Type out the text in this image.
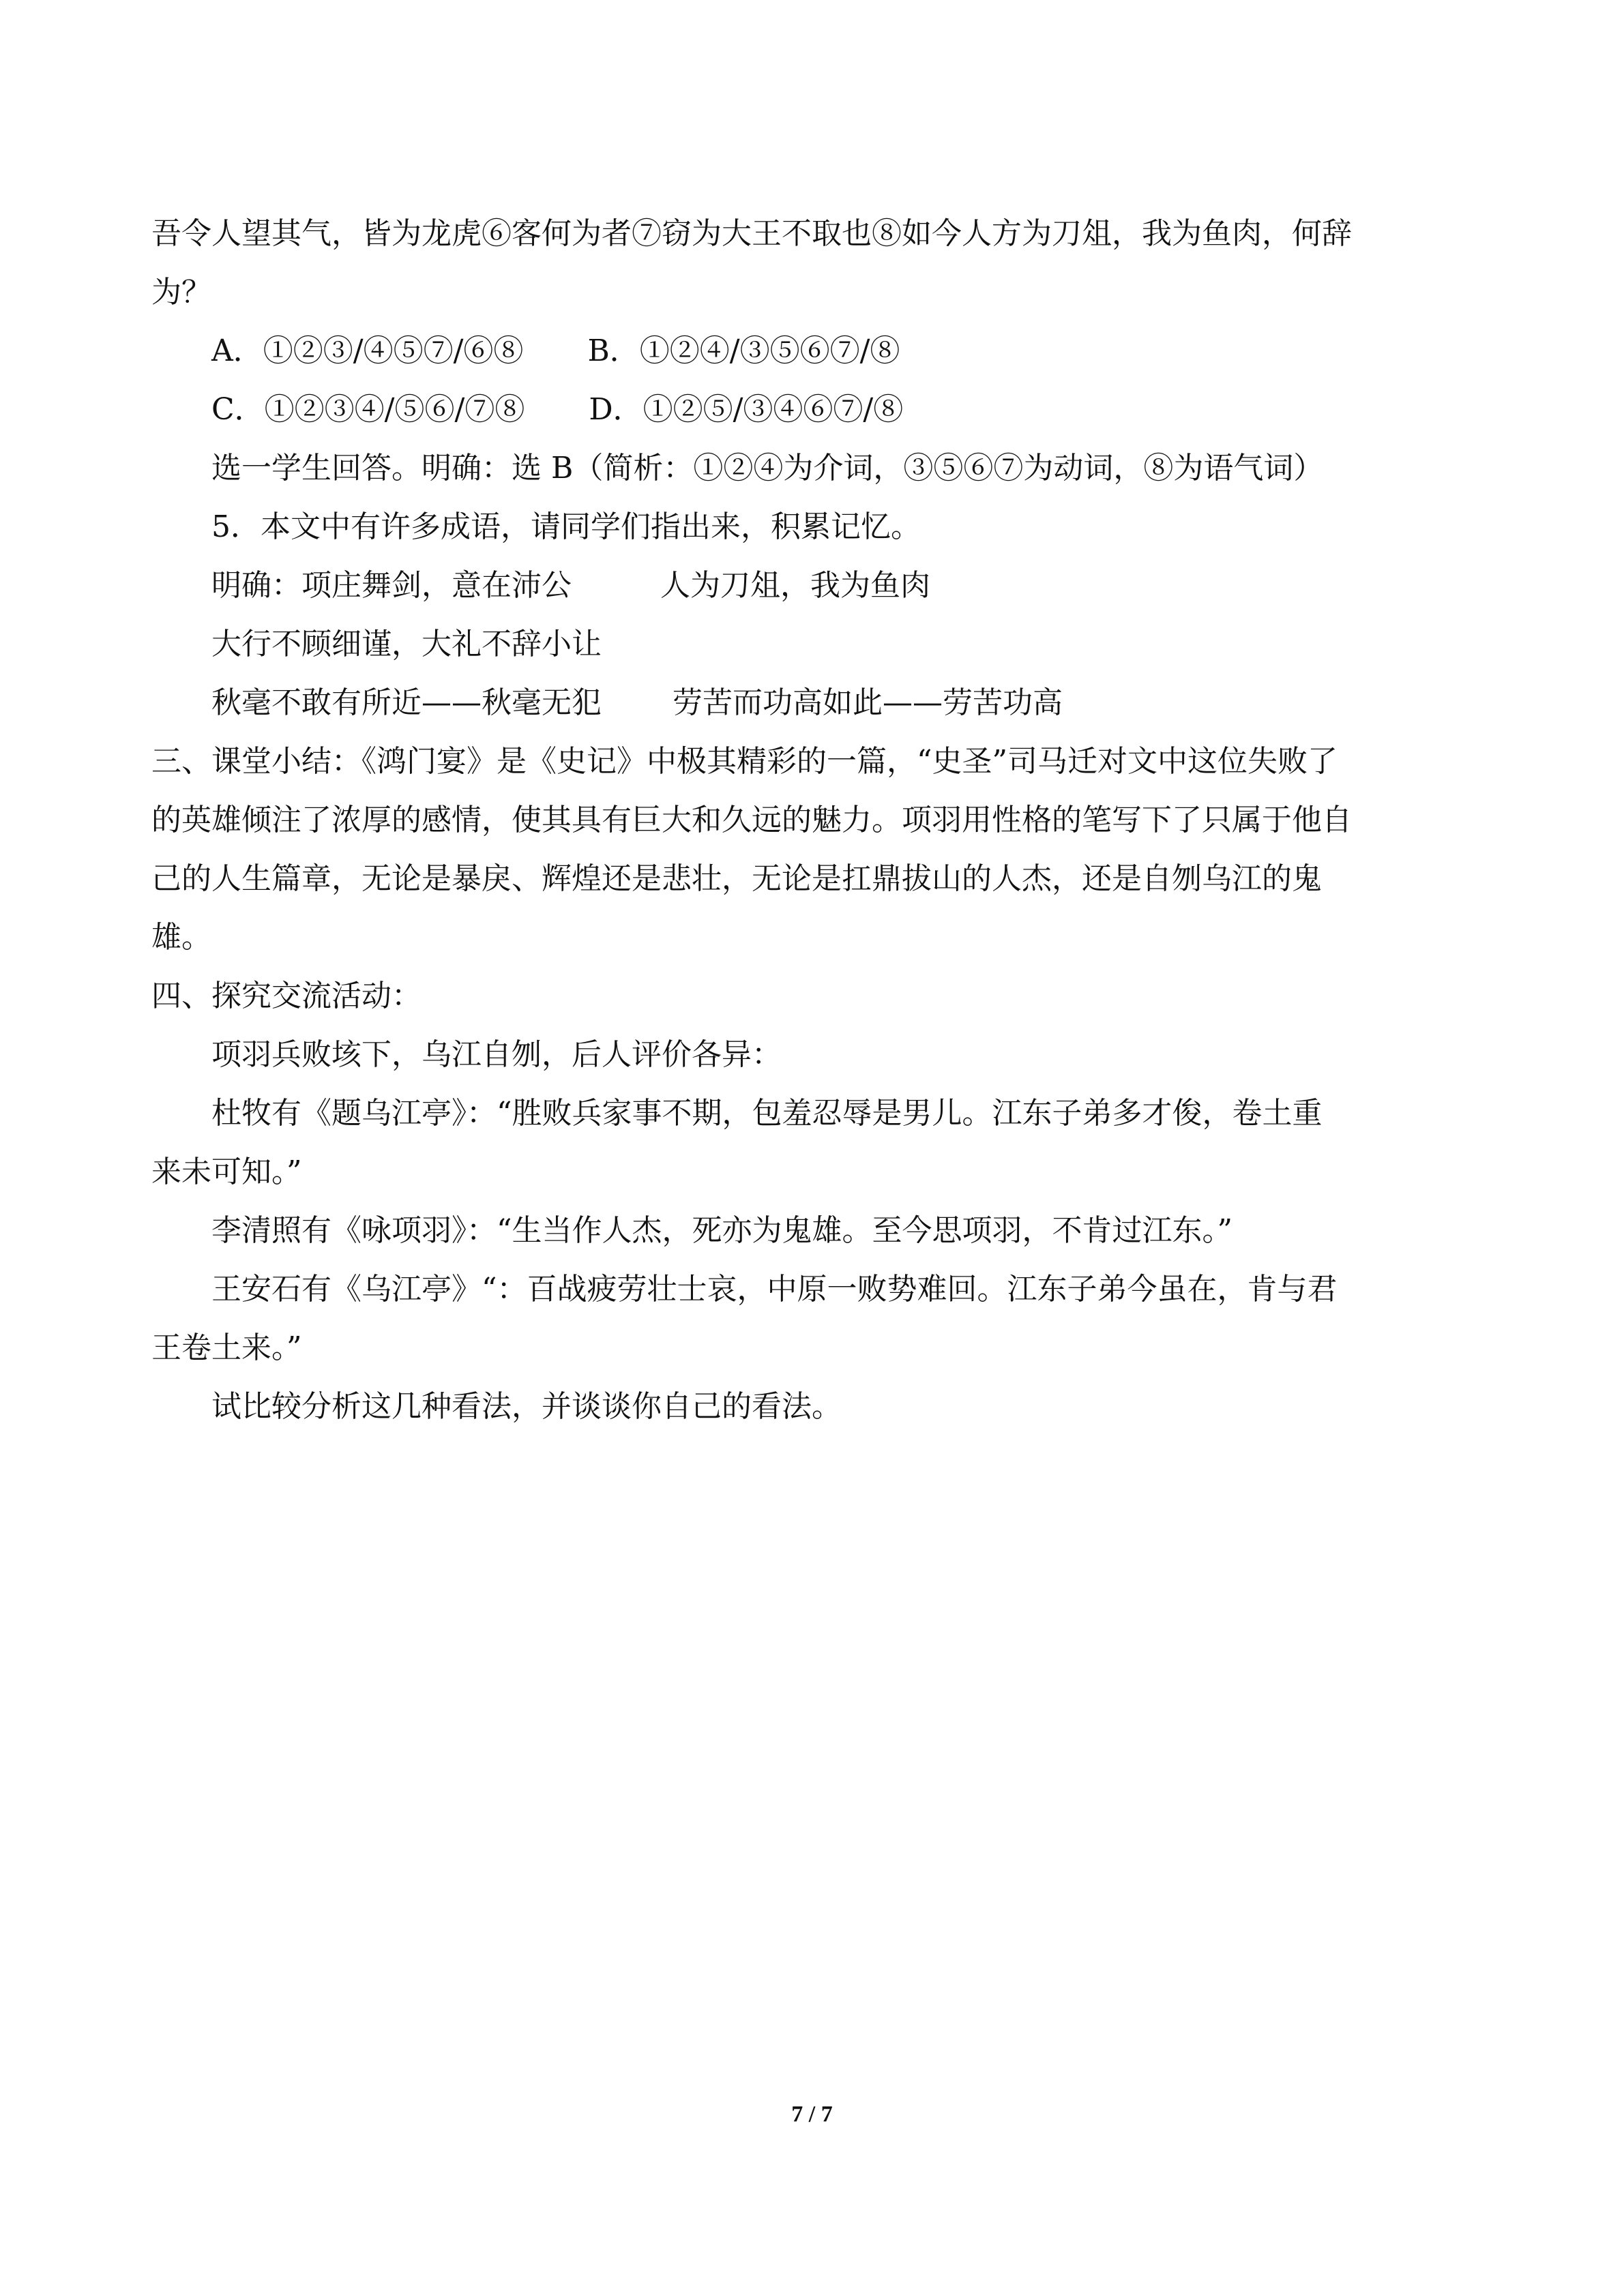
吾令人望其气，皆为龙虎⑥客何为者⑦窃为大王不取也⑧如今人方为刀俎，我为鱼肉，何辞
为？
A．①②③/④⑤⑦/⑥⑧ B．①②④/③⑤⑥⑦/⑧
C．①②③④/⑤⑥/⑦⑧ D．①②⑤/③④⑥⑦/⑧
选一学生回答。明确：选 B（简析：①②④为介词，③⑤⑥⑦为动词，⑧为语气词）
5．本文中有许多成语，请同学们指出来，积累记忆。
明确：项庄舞剑，意在沛公	人为刀俎，我为鱼肉
大行不顾细谨，大礼不辞小让
秋毫不敢有所近——秋毫无犯 劳苦而功高如此——劳苦功高
三、课堂小结：《鸿门宴》是《史记》中极其精彩的一篇，“史圣”司马迁对文中这位失败了
的英雄倾注了浓厚的感情，使其具有巨大和久远的魅力。项羽用性格的笔写下了只属于他自
己的人生篇章，无论是暴戾、辉煌还是悲壮，无论是扛鼎拔山的人杰，还是自刎乌江的鬼
雄。
四、探究交流活动：
项羽兵败垓下，乌江自刎，后人评价各异：
杜牧有《题乌江亭》：“胜败兵家事不期，包羞忍辱是男儿。江东子弟多才俊，卷土重
来未可知。”
李清照有《咏项羽》：“生当作人杰，死亦为鬼雄。至今思项羽，不肯过江东。”
王安石有《乌江亭》“：百战疲劳壮士哀，中原一败势难回。江东子弟今虽在，肯与君
王卷土来。”
试比较分析这几种看法，并谈谈你自己的看法。
7 / 7
